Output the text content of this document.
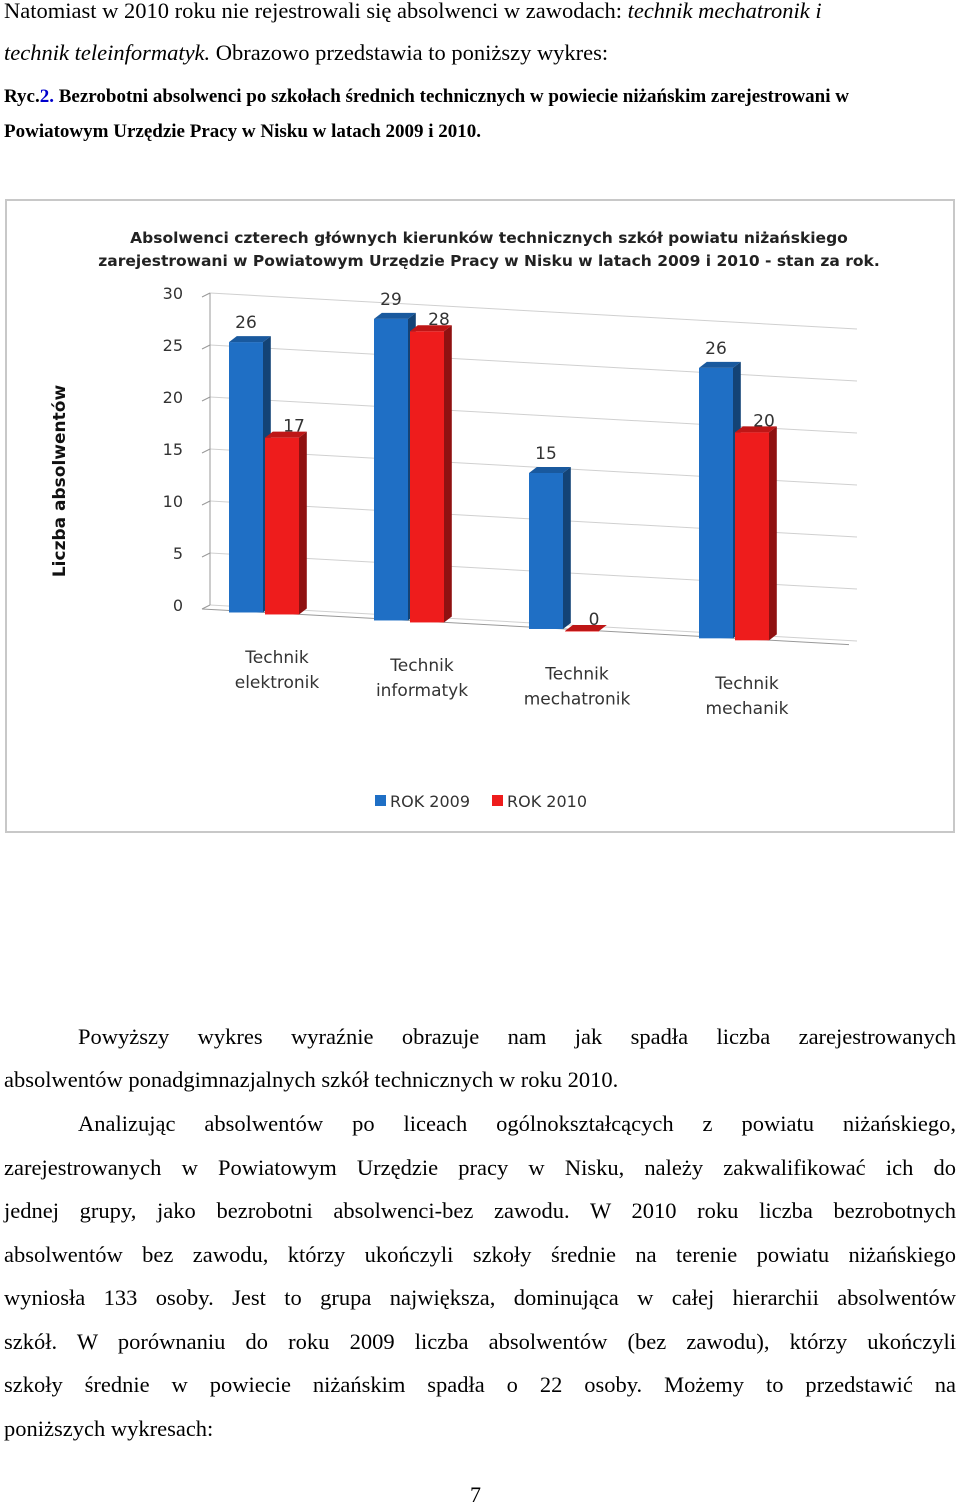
Natomiast w 2010 roku nie rejestrowali się absolwenci w zawodach: technik mechatronik i
technik teleinformatyk. Obrazowo przedstawia to poniższy wykres:
Ryc.2. Bezrobotni absolwenci po szkołach średnich technicznych w powiecie niżańskim zarejestrowani w
Powiatowym Urzędzie Pracy w Nisku w latach 2009 i 2010.
Absolwenci czterech głównych kierunków technicznych szkół powiatu niżańskiego
zarejestrowani w Powiatowym Urzędzie Pracy w Nisku w latach 2009 i 2010 - stan za rok.
Liczba absolwentów
0
5
10
15
20
25
30
26
17
Technik
elektronik
29
28
Technik
informatyk
15
0
Technik
mechatronik
26
20
Technik
mechanik
ROK 2009 ROK 2010
Powyższy wykres wyraźnie obrazuje nam jak spadła liczba zarejestrowanych
absolwentów ponadgimnazjalnych szkół technicznych w roku 2010.
Analizując absolwentów po liceach ogólnokształcących z powiatu niżańskiego,
zarejestrowanych w Powiatowym Urzędzie pracy w Nisku, należy zakwalifikować ich do
jednej grupy, jako bezrobotni absolwenci-bez zawodu. W 2010 roku liczba bezrobotnych
absolwentów bez zawodu, którzy ukończyli szkoły średnie na terenie powiatu niżańskiego
wyniosła 133 osoby. Jest to grupa największa, dominująca w całej hierarchii absolwentów
szkół. W porównaniu do roku 2009 liczba absolwentów (bez zawodu), którzy ukończyli
szkoły średnie w powiecie niżańskim spadła o 22 osoby. Możemy to przedstawić na
poniższych wykresach:
7
